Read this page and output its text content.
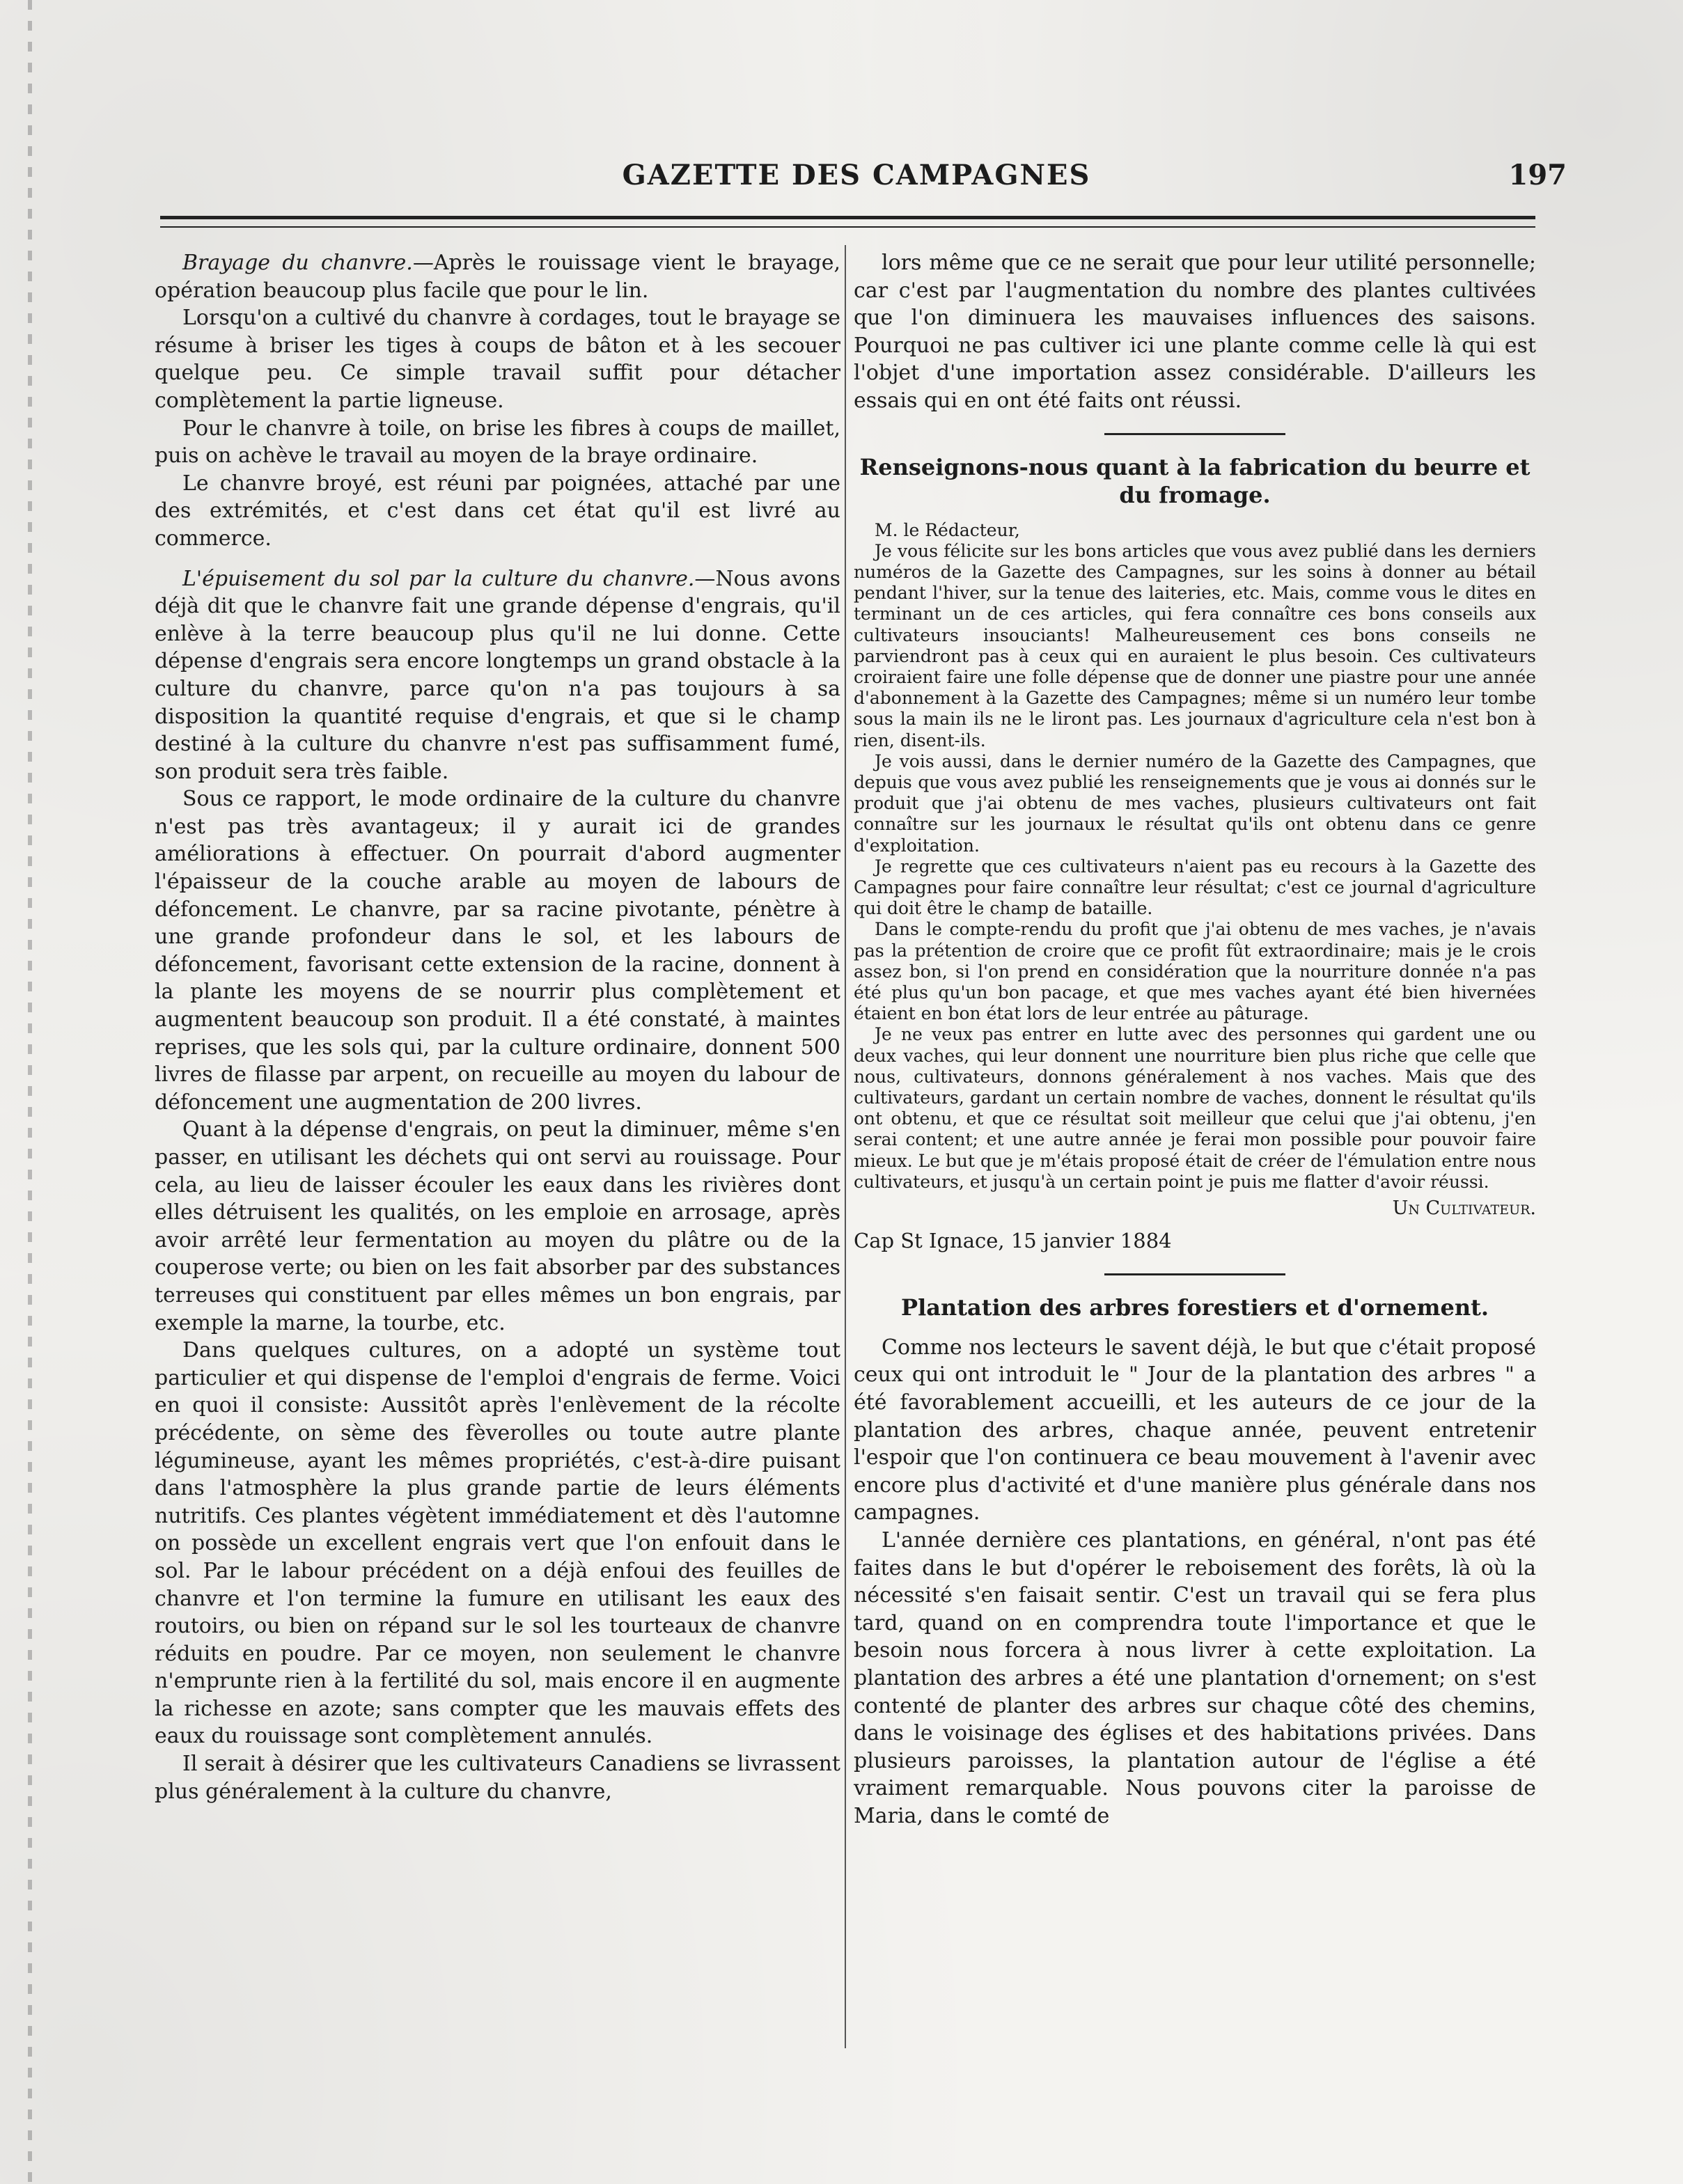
GAZETTE DES CAMPAGNES	197

Brayage du chanvre.—Après le rouissage vient le brayage, opération beaucoup plus facile que pour le lin.

Lorsqu'on a cultivé du chanvre à cordages, tout le brayage se résume à briser les tiges à coups de bâton et à les secouer quelque peu. Ce simple travail suffit pour détacher complètement la partie ligneuse.

Pour le chanvre à toile, on brise les fibres à coups de maillet, puis on achève le travail au moyen de la braye ordinaire.

Le chanvre broyé, est réuni par poignées, attaché par une des extrémités, et c'est dans cet état qu'il est livré au commerce.

L'épuisement du sol par la culture du chanvre.—Nous avons déjà dit que le chanvre fait une grande dépense d'engrais, qu'il enlève à la terre beaucoup plus qu'il ne lui donne. Cette dépense d'engrais sera encore longtemps un grand obstacle à la culture du chanvre, parce qu'on n'a pas toujours à sa disposition la quantité requise d'engrais, et que si le champ destiné à la culture du chanvre n'est pas suffisamment fumé, son produit sera très faible.

Sous ce rapport, le mode ordinaire de la culture du chanvre n'est pas très avantageux; il y aurait ici de grandes améliorations à effectuer. On pourrait d'abord augmenter l'épaisseur de la couche arable au moyen de labours de défoncement. Le chanvre, par sa racine pivotante, pénètre à une grande profondeur dans le sol, et les labours de défoncement, favorisant cette extension de la racine, donnent à la plante les moyens de se nourrir plus complètement et augmentent beaucoup son produit. Il a été constaté, à maintes reprises, que les sols qui, par la culture ordinaire, donnent 500 livres de filasse par arpent, on recueille au moyen du labour de défoncement une augmentation de 200 livres.

Quant à la dépense d'engrais, on peut la diminuer, même s'en passer, en utilisant les déchets qui ont servi au rouissage. Pour cela, au lieu de laisser écouler les eaux dans les rivières dont elles détruisent les qualités, on les emploie en arrosage, après avoir arrêté leur fermentation au moyen du plâtre ou de la couperose verte; ou bien on les fait absorber par des substances terreuses qui constituent par elles mêmes un bon engrais, par exemple la marne, la tourbe, etc.

Dans quelques cultures, on a adopté un système tout particulier et qui dispense de l'emploi d'engrais de ferme. Voici en quoi il consiste: Aussitôt après l'enlèvement de la récolte précédente, on sème des fèverolles ou toute autre plante légumineuse, ayant les mêmes propriétés, c'est-à-dire puisant dans l'atmosphère la plus grande partie de leurs éléments nutritifs. Ces plantes végètent immédiatement et dès l'automne on possède un excellent engrais vert que l'on enfouit dans le sol. Par le labour précédent on a déjà enfoui des feuilles de chanvre et l'on termine la fumure en utilisant les eaux des routoirs, ou bien on répand sur le sol les tourteaux de chanvre réduits en poudre. Par ce moyen, non seulement le chanvre n'emprunte rien à la fertilité du sol, mais encore il en augmente la richesse en azote; sans compter que les mauvais effets des eaux du rouissage sont complètement annulés.

Il serait à désirer que les cultivateurs Canadiens se livrassent plus généralement à la culture du chanvre,

lors même que ce ne serait que pour leur utilité personnelle; car c'est par l'augmentation du nombre des plantes cultivées que l'on diminuera les mauvaises influences des saisons. Pourquoi ne pas cultiver ici une plante comme celle là qui est l'objet d'une importation assez considérable. D'ailleurs les essais qui en ont été faits ont réussi.

Renseignons-nous quant à la fabrication du beurre et du fromage.

M. le Rédacteur,

Je vous félicite sur les bons articles que vous avez publié dans les derniers numéros de la Gazette des Campagnes, sur les soins à donner au bétail pendant l'hiver, sur la tenue des laiteries, etc. Mais, comme vous le dites en terminant un de ces articles, qui fera connaître ces bons conseils aux cultivateurs insouciants! Malheureusement ces bons conseils ne parviendront pas à ceux qui en auraient le plus besoin. Ces cultivateurs croiraient faire une folle dépense que de donner une piastre pour une année d'abonnement à la Gazette des Campagnes; même si un numéro leur tombe sous la main ils ne le liront pas. Les journaux d'agriculture cela n'est bon à rien, disent-ils.

Je vois aussi, dans le dernier numéro de la Gazette des Campagnes, que depuis que vous avez publié les renseignements que je vous ai donnés sur le produit que j'ai obtenu de mes vaches, plusieurs cultivateurs ont fait connaître sur les journaux le résultat qu'ils ont obtenu dans ce genre d'exploitation.

Je regrette que ces cultivateurs n'aient pas eu recours à la Gazette des Campagnes pour faire connaître leur résultat; c'est ce journal d'agriculture qui doit être le champ de bataille.

Dans le compte-rendu du profit que j'ai obtenu de mes vaches, je n'avais pas la prétention de croire que ce profit fût extraordinaire; mais je le crois assez bon, si l'on prend en considération que la nourriture donnée n'a pas été plus qu'un bon pacage, et que mes vaches ayant été bien hivernées étaient en bon état lors de leur entrée au pâturage.

Je ne veux pas entrer en lutte avec des personnes qui gardent une ou deux vaches, qui leur donnent une nourriture bien plus riche que celle que nous, cultivateurs, donnons généralement à nos vaches. Mais que des cultivateurs, gardant un certain nombre de vaches, donnent le résultat qu'ils ont obtenu, et que ce résultat soit meilleur que celui que j'ai obtenu, j'en serai content; et une autre année je ferai mon possible pour pouvoir faire mieux. Le but que je m'étais proposé était de créer de l'émulation entre nous cultivateurs, et jusqu'à un certain point je puis me flatter d'avoir réussi.

Un Cultivateur.

Cap St Ignace, 15 janvier 1884

Plantation des arbres forestiers et d'ornement.

Comme nos lecteurs le savent déjà, le but que c'était proposé ceux qui ont introduit le " Jour de la plantation des arbres " a été favorablement accueilli, et les auteurs de ce jour de la plantation des arbres, chaque année, peuvent entretenir l'espoir que l'on continuera ce beau mouvement à l'avenir avec encore plus d'activité et d'une manière plus générale dans nos campagnes.

L'année dernière ces plantations, en général, n'ont pas été faites dans le but d'opérer le reboisement des forêts, là où la nécessité s'en faisait sentir. C'est un travail qui se fera plus tard, quand on en comprendra toute l'importance et que le besoin nous forcera à nous livrer à cette exploitation. La plantation des arbres a été une plantation d'ornement; on s'est contenté de planter des arbres sur chaque côté des chemins, dans le voisinage des églises et des habitations privées. Dans plusieurs paroisses, la plantation autour de l'église a été vraiment remarquable. Nous pouvons citer la paroisse de Maria, dans le comté de
